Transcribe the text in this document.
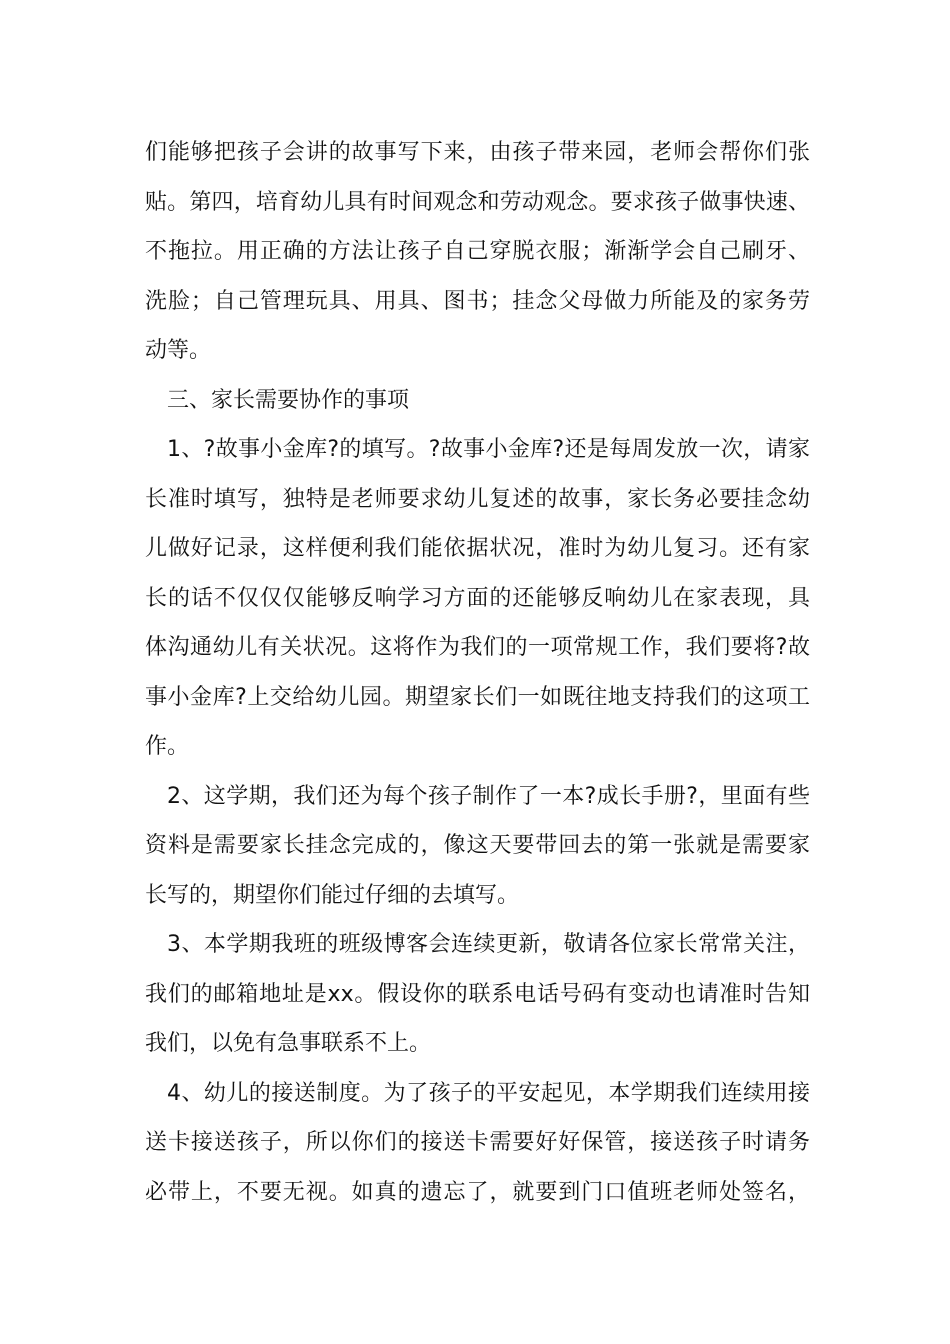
们能够把孩子会讲的故事写下来，由孩子带来园，老师会帮你们张
贴。第四，培育幼儿具有时间观念和劳动观念。要求孩子做事快速、
不拖拉。用正确的方法让孩子自己穿脱衣服；渐渐学会自己刷牙、
洗脸；自己管理玩具、用具、图书；挂念父母做力所能及的家务劳
动等。
三、家长需要协作的事项
1、?故事小金库?的填写。?故事小金库?还是每周发放一次，请家
长准时填写，独特是老师要求幼儿复述的故事，家长务必要挂念幼
儿做好记录，这样便利我们能依据状况，准时为幼儿复习。还有家
长的话不仅仅仅能够反响学习方面的还能够反响幼儿在家表现，具
体沟通幼儿有关状况。这将作为我们的一项常规工作，我们要将?故
事小金库?上交给幼儿园。期望家长们一如既往地支持我们的这项工
作。
2、这学期，我们还为每个孩子制作了一本?成长手册?，里面有些
资料是需要家长挂念完成的，像这天要带回去的第一张就是需要家
长写的，期望你们能过仔细的去填写。
3、本学期我班的班级博客会连续更新，敬请各位家长常常关注，
我们的邮箱地址是xx。假设你的联系电话号码有变动也请准时告知
我们，以免有急事联系不上。
4、幼儿的接送制度。为了孩子的平安起见，本学期我们连续用接
送卡接送孩子，所以你们的接送卡需要好好保管，接送孩子时请务
必带上，不要无视。如真的遗忘了，就要到门口值班老师处签名，
